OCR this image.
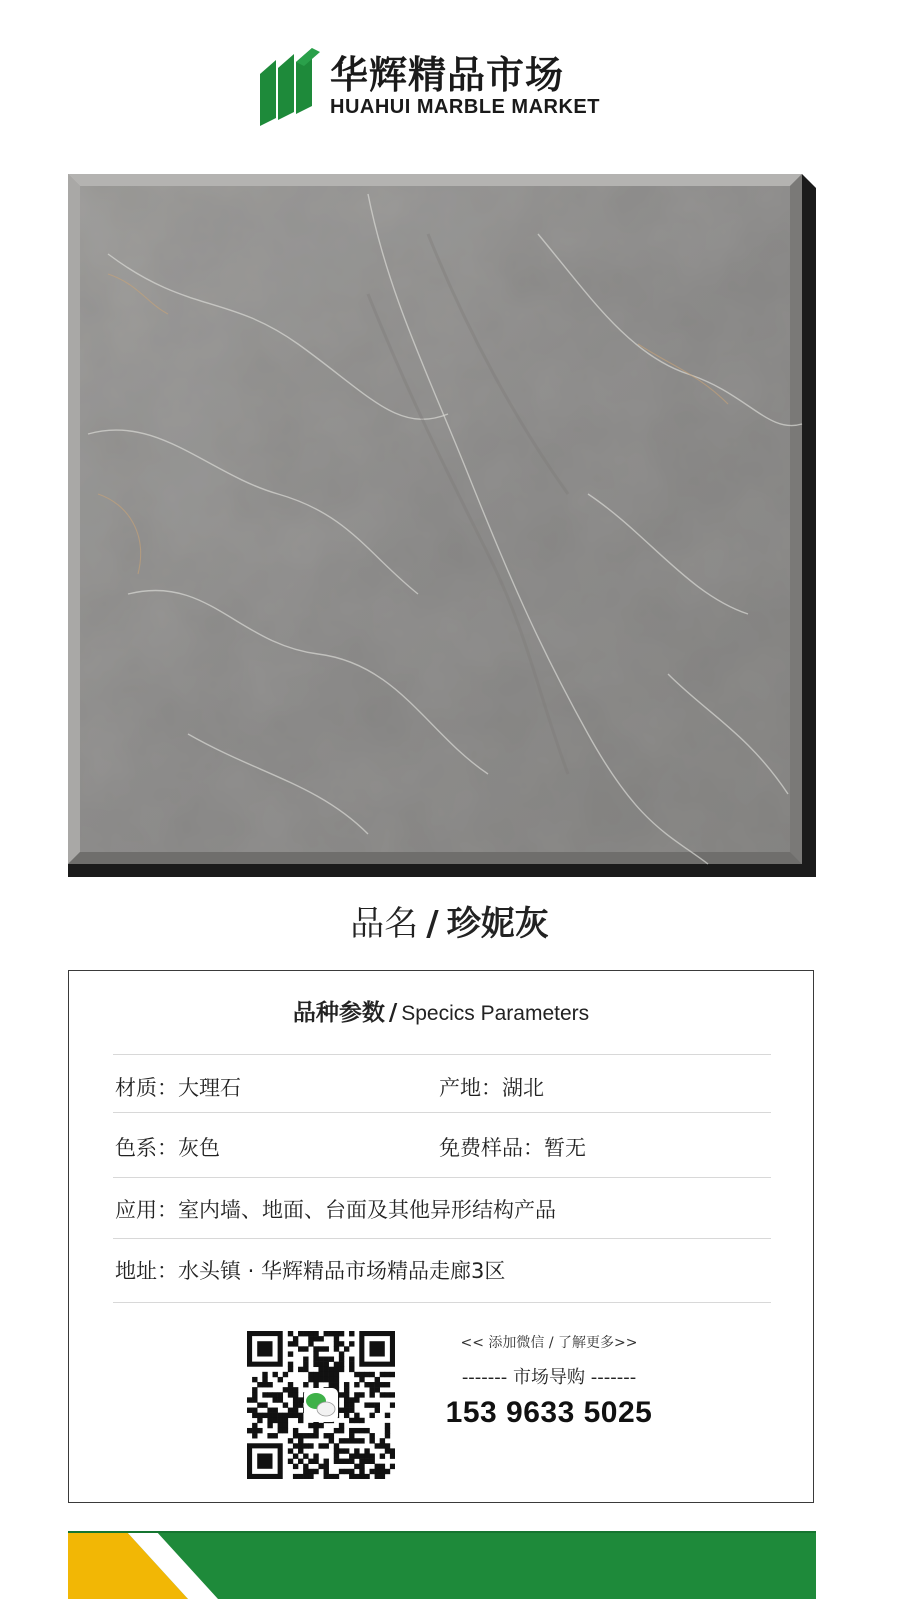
华辉精品市场
HUAHUI MARBLE MARKET
品名 / 珍妮灰
品种参数 / Specics Parameters
材质：大理石	产地：湖北
色系：灰色	免费样品：暂无
应用：室内墙、地面、台面及其他异形结构产品
地址：水头镇 · 华辉精品市场精品走廊3区
<< 添加微信 / 了解更多>>
------- 市场导购 -------
153 9633 5025
